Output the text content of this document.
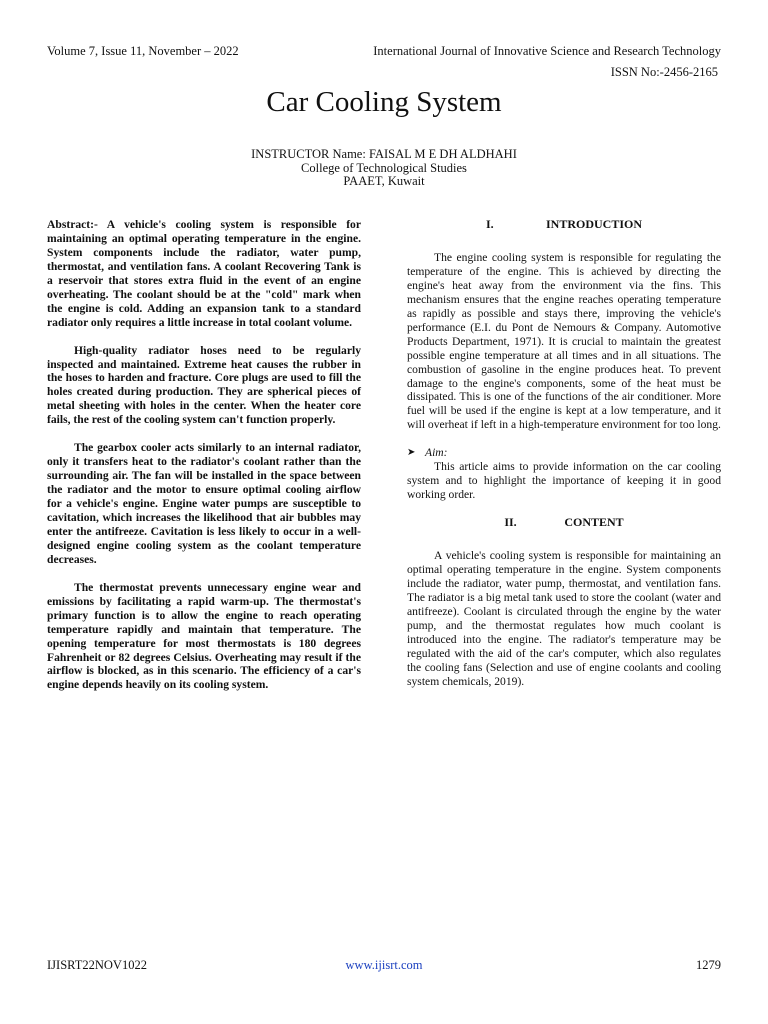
Volume 7, Issue 11, November – 2022	International Journal of Innovative Science and Research Technology
ISSN No:-2456-2165
Car Cooling System
INSTRUCTOR Name: FAISAL M E DH ALDHAHI
College of Technological Studies
PAAET, Kuwait

Abstract:- A vehicle's cooling system is responsible for maintaining an optimal operating temperature in the engine. System components include the radiator, water pump, thermostat, and ventilation fans. A coolant Recovering Tank is a reservoir that stores extra fluid in the event of an engine overheating. The coolant should be at the "cold" mark when the engine is cold. Adding an expansion tank to a standard radiator only requires a little increase in total coolant volume.

High-quality radiator hoses need to be regularly inspected and maintained. Extreme heat causes the rubber in the hoses to harden and fracture. Core plugs are used to fill the holes created during production. They are spherical pieces of metal sheeting with holes in the center. When the heater core fails, the rest of the cooling system can't function properly.

The gearbox cooler acts similarly to an internal radiator, only it transfers heat to the radiator's coolant rather than the surrounding air. The fan will be installed in the space between the radiator and the motor to ensure optimal cooling airflow for a vehicle's engine. Engine water pumps are susceptible to cavitation, which increases the likelihood that air bubbles may enter the antifreeze. Cavitation is less likely to occur in a well-designed engine cooling system as the coolant temperature decreases.

The thermostat prevents unnecessary engine wear and emissions by facilitating a rapid warm-up. The thermostat's primary function is to allow the engine to reach operating temperature rapidly and maintain that temperature. The opening temperature for most thermostats is 180 degrees Fahrenheit or 82 degrees Celsius. Overheating may result if the airflow is blocked, as in this scenario. The efficiency of a car's engine depends heavily on its cooling system.

I.	INTRODUCTION

The engine cooling system is responsible for regulating the temperature of the engine. This is achieved by directing the engine's heat away from the environment via the fins. This mechanism ensures that the engine reaches operating temperature as rapidly as possible and stays there, improving the vehicle's performance (E.I. du Pont de Nemours & Company. Automotive Products Department, 1971). It is crucial to maintain the greatest possible engine temperature at all times and in all situations. The combustion of gasoline in the engine produces heat. To prevent damage to the engine's components, some of the heat must be dissipated. This is one of the functions of the air conditioner. More fuel will be used if the engine is kept at a low temperature, and it will overheat if left in a high-temperature environment for too long.

➤ Aim:

This article aims to provide information on the car cooling system and to highlight the importance of keeping it in good working order.

II.	CONTENT

A vehicle's cooling system is responsible for maintaining an optimal operating temperature in the engine. System components include the radiator, water pump, thermostat, and ventilation fans. The radiator is a big metal tank used to store the coolant (water and antifreeze). Coolant is circulated through the engine by the water pump, and the thermostat regulates how much coolant is introduced into the engine. The radiator's temperature may be regulated with the aid of the car's computer, which also regulates the cooling fans (Selection and use of engine coolants and cooling system chemicals, 2019).

IJISRT22NOV1022	www.ijisrt.com	1279
